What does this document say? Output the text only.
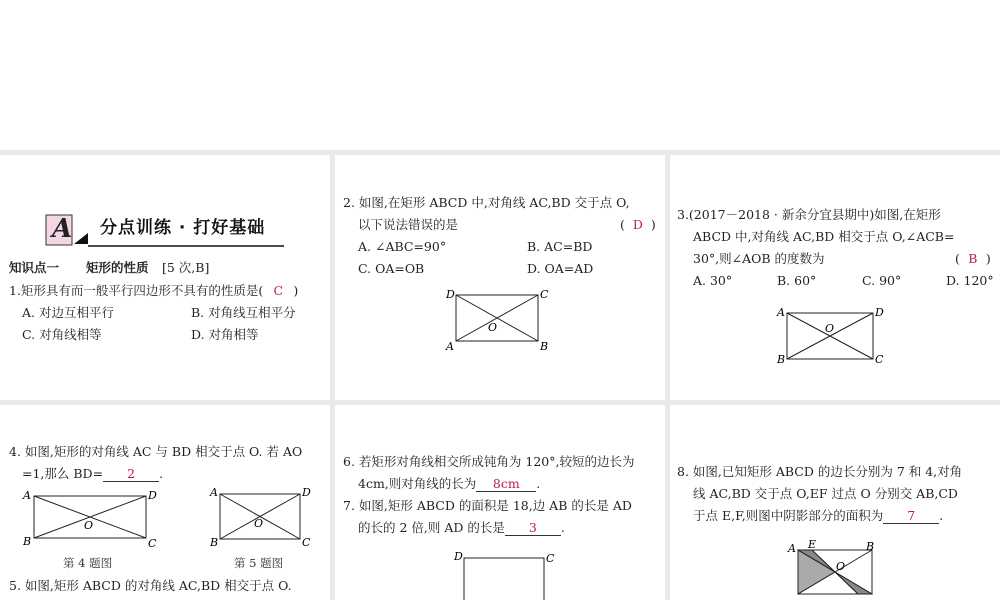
A 分点训练 · 打好基础
知识点一 矩形的性质 [5 次,B]
1.矩形具有而一般平行四边形不具有的性质是( C )
A. 对边互相平行	B. 对角线互相平分
C. 对角线相等	D. 对角相等
2. 如图,在矩形 ABCD 中,对角线 AC,BD 交于点 O,
以下说法错误的是	( D )
A. ∠ABC=90°	B. AC=BD
C. OA=OB	D. OA=AD
D	C
O
A	B
3.(2017－2018 · 新余分宜县期中)如图,在矩形
ABCD 中,对角线 AC,BD 相交于点 O,∠ACB=
30°,则∠AOB 的度数为	( B )
A. 30°	B. 60°	C. 90°	D. 120°
A	D
O
B	C
4. 如图,矩形的对角线 AC 与 BD 相交于点 O. 若 AO
=1,那么 BD= 2 .
A	D
O
B	C
第 4 题图
A	D
O
B	C
第 5 题图
5. 如图,矩形 ABCD 的对角线 AC,BD 相交于点 O.
6. 若矩形对角线相交所成钝角为 120°,较短的边长为
4cm,则对角线的长为 8cm .
7. 如图,矩形 ABCD 的面积是 18,边 AB 的长是 AD
的长的 2 倍,则 AD 的长是 3 .
D	C
8. 如图,已知矩形 ABCD 的边长分别为 7 和 4,对角
线 AC,BD 交于点 O,EF 过点 O 分别交 AB,CD
于点 E,F,则图中阴影部分的面积为 7 .
A E	B
O
